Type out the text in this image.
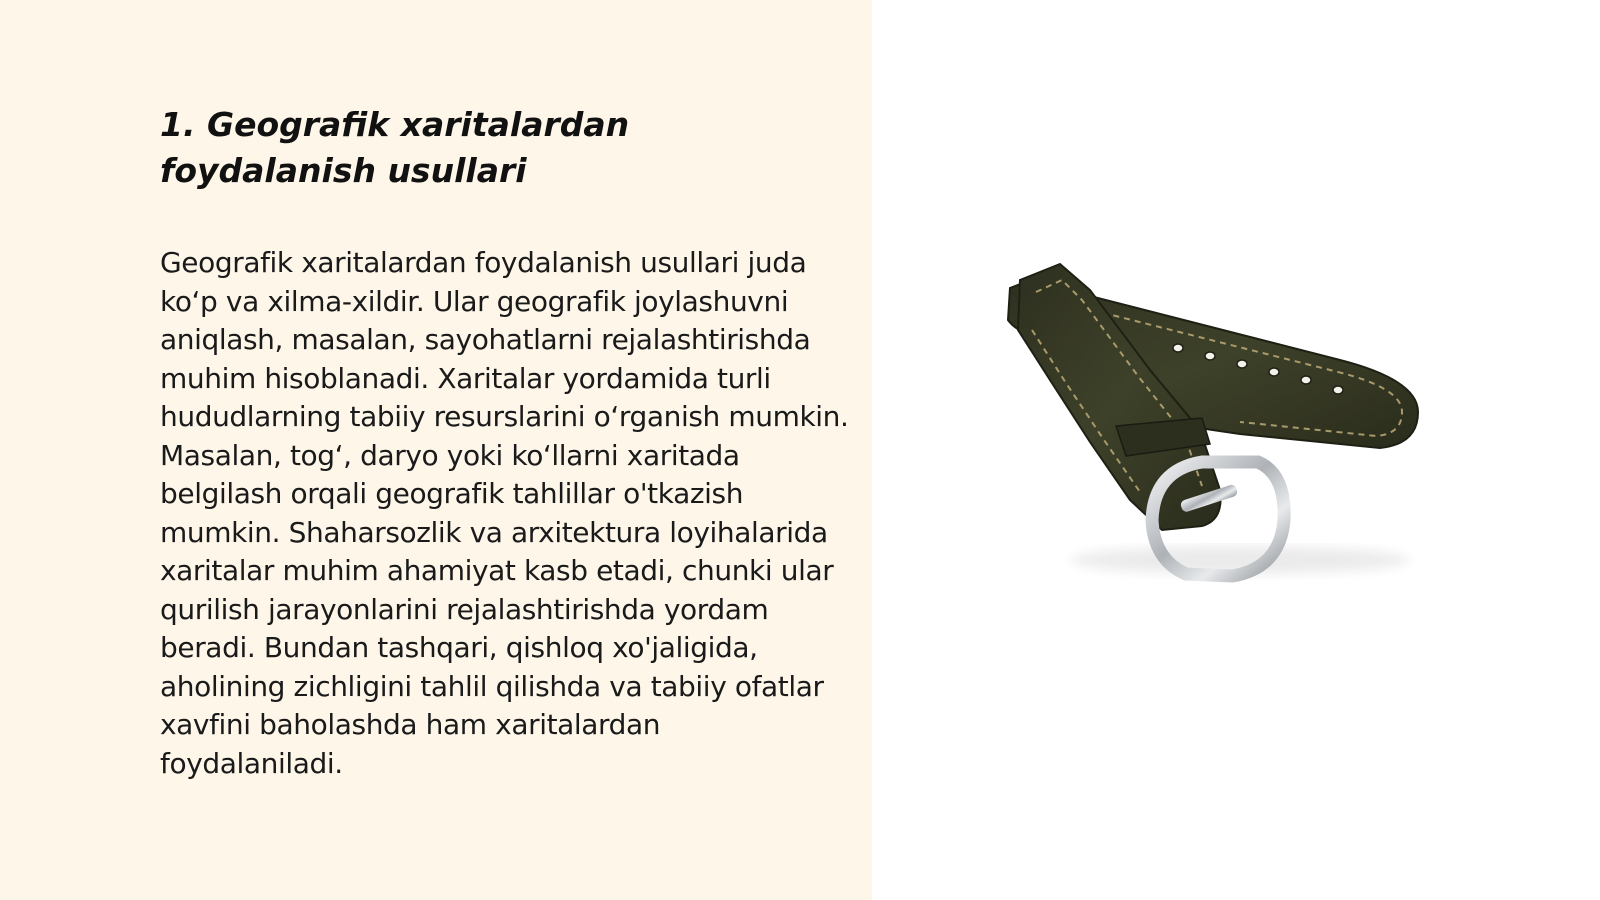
1. Geografik xaritalardan foydalanish usullari

Geografik xaritalardan foydalanish usullari juda ko‘p va xilma-xildir. Ular geografik joylashuvni aniqlash, masalan, sayohatlarni rejalashtirishda muhim hisoblanadi. Xaritalar yordamida turli hududlarning tabiiy resurslarini o‘rganish mumkin. Masalan, tog‘, daryo yoki ko‘llarni xaritada belgilash orqali geografik tahlillar o'tkazish mumkin. Shaharsozlik va arxitektura loyihalarida xaritalar muhim ahamiyat kasb etadi, chunki ular qurilish jarayonlarini rejalashtirishda yordam beradi. Bundan tashqari, qishloq xo'jaligida, aholining zichligini tahlil qilishda va tabiiy ofatlar xavfini baholashda ham xaritalardan foydalaniladi.
